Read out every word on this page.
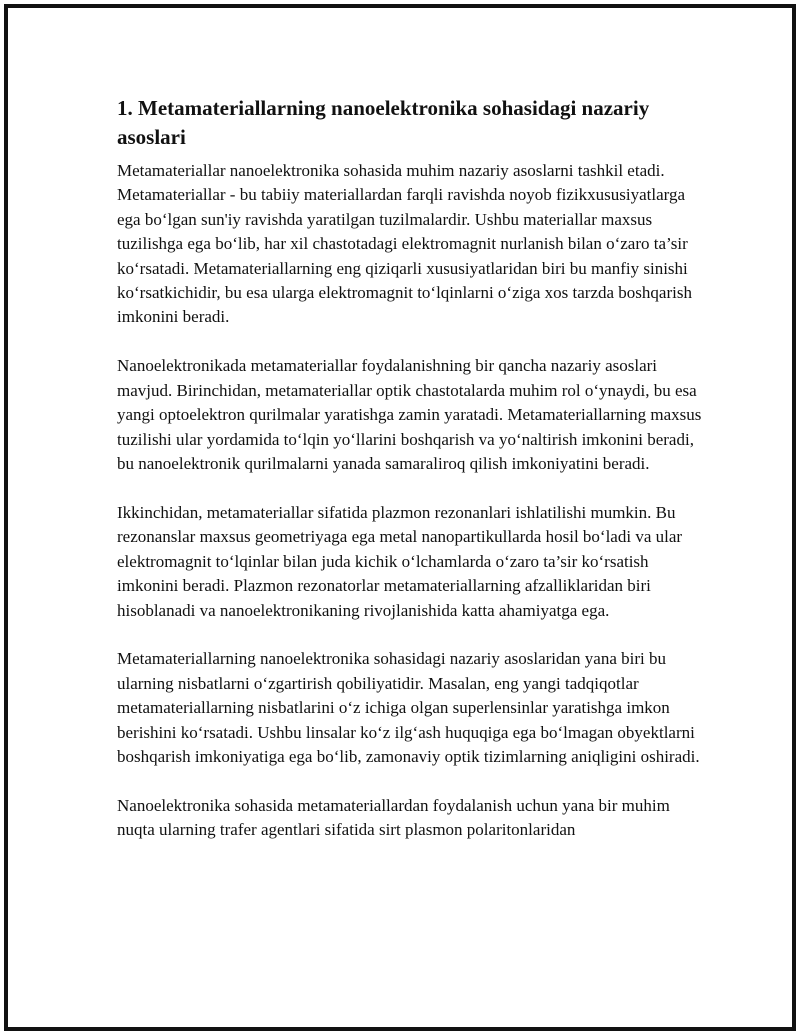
1. Metamateriallarning nanoelektronika sohasidagi nazariy asoslari

Metamateriallar nanoelektronika sohasida muhim nazariy asoslarni tashkil etadi. Metamateriallar - bu tabiiy materiallardan farqli ravishda noyob fizikxususiyatlarga ega bo‘lgan sun'iy ravishda yaratilgan tuzilmalardir. Ushbu materiallar maxsus tuzilishga ega bo‘lib, har xil chastotadagi elektromagnit nurlanish bilan o‘zaro ta’sir ko‘rsatadi. Metamateriallarning eng qiziqarli xususiyatlaridan biri bu manfiy sinishi ko‘rsatkichidir, bu esa ularga elektromagnit to‘lqinlarni o‘ziga xos tarzda boshqarish imkonini beradi.

Nanoelektronikada metamateriallar foydalanishning bir qancha nazariy asoslari mavjud. Birinchidan, metamateriallar optik chastotalarda muhim rol o‘ynaydi, bu esa yangi optoelektron qurilmalar yaratishga zamin yaratadi. Metamateriallarning maxsus tuzilishi ular yordamida to‘lqin yo‘llarini boshqarish va yo‘naltirish imkonini beradi, bu nanoelektronik qurilmalarni yanada samaraliroq qilish imkoniyatini beradi.

Ikkinchidan, metamateriallar sifatida plazmon rezonanlari ishlatilishi mumkin. Bu rezonanslar maxsus geometriyaga ega metal nanopartikullarda hosil bo‘ladi va ular elektromagnit to‘lqinlar bilan juda kichik o‘lchamlarda o‘zaro ta’sir ko‘rsatish imkonini beradi. Plazmon rezonatorlar metamateriallarning afzalliklaridan biri hisoblanadi va nanoelektronikaning rivojlanishida katta ahamiyatga ega.

Metamateriallarning nanoelektronika sohasidagi nazariy asoslaridan yana biri bu ularning nisbatlarni o‘zgartirish qobiliyatidir. Masalan, eng yangi tadqiqotlar metamateriallarning nisbatlarini o‘z ichiga olgan superlensinlar yaratishga imkon berishini ko‘rsatadi. Ushbu linsalar ko‘z ilg‘ash huquqiga ega bo‘lmagan obyektlarni boshqarish imkoniyatiga ega bo‘lib, zamonaviy optik tizimlarning aniqligini oshiradi.

Nanoelektronika sohasida metamateriallardan foydalanish uchun yana bir muhim nuqta ularning trafer agentlari sifatida sirt plasmon polaritonlaridan
